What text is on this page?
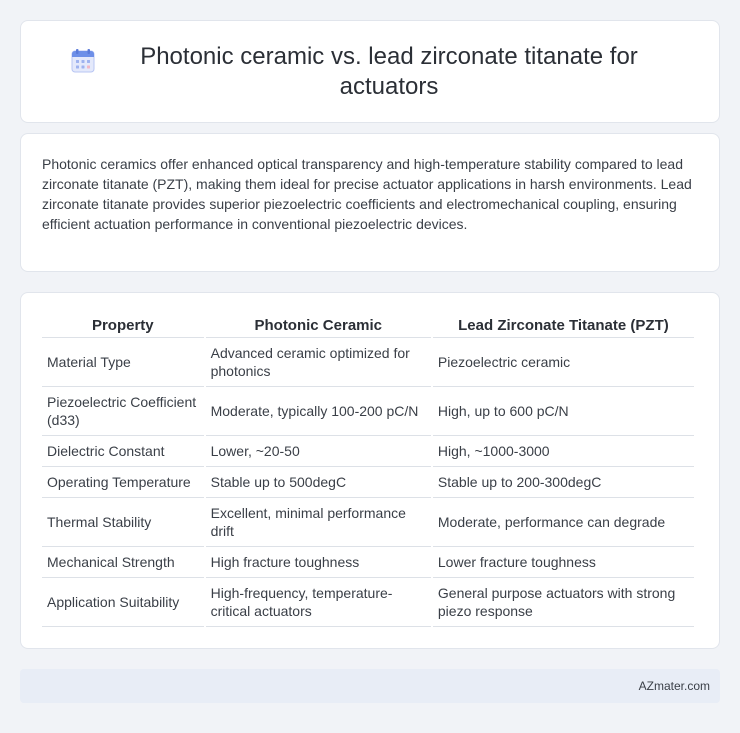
Photonic ceramic vs. lead zirconate titanate for actuators

Photonic ceramics offer enhanced optical transparency and high-temperature stability compared to lead zirconate titanate (PZT), making them ideal for precise actuator applications in harsh environments. Lead zirconate titanate provides superior piezoelectric coefficients and electromechanical coupling, ensuring efficient actuation performance in conventional piezoelectric devices.

Property	Photonic Ceramic	Lead Zirconate Titanate (PZT)
Material Type	Advanced ceramic optimized for photonics	Piezoelectric ceramic
Piezoelectric Coefficient (d33)	Moderate, typically 100-200 pC/N	High, up to 600 pC/N
Dielectric Constant	Lower, ~20-50	High, ~1000-3000
Operating Temperature	Stable up to 500degC	Stable up to 200-300degC
Thermal Stability	Excellent, minimal performance drift	Moderate, performance can degrade
Mechanical Strength	High fracture toughness	Lower fracture toughness
Application Suitability	High-frequency, temperature-critical actuators	General purpose actuators with strong piezo response
AZmater.com
